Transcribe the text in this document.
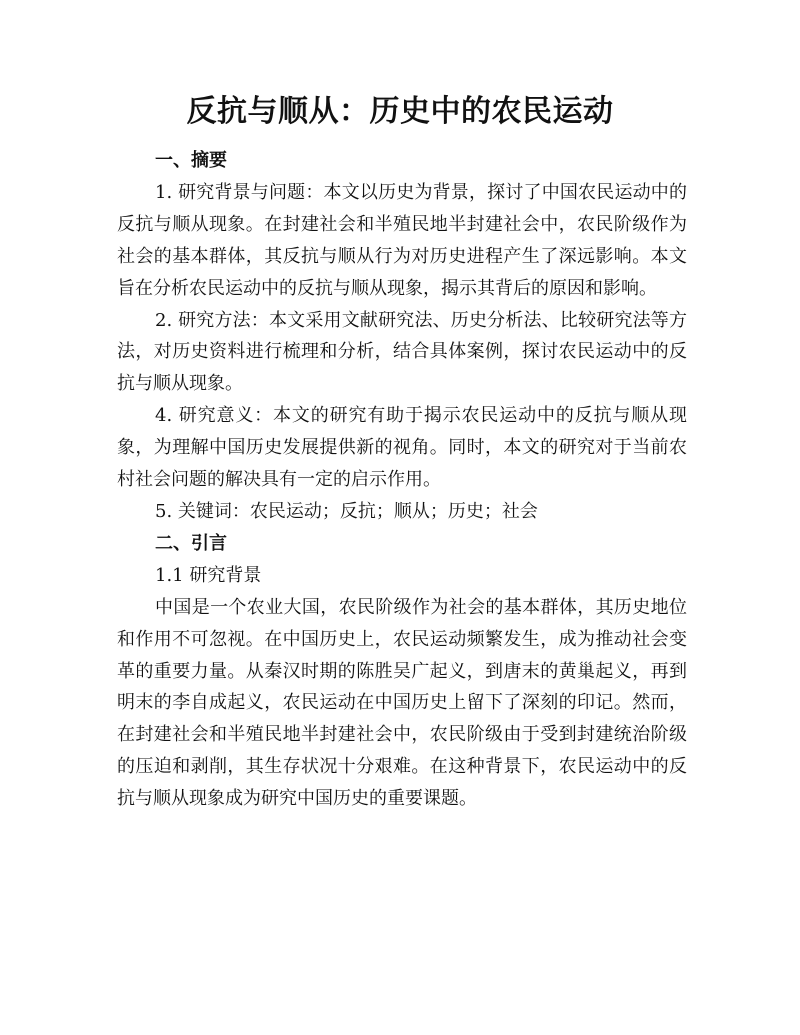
反抗与顺从：历史中的农民运动

一、摘要

1. 研究背景与问题：本文以历史为背景，探讨了中国农民运动中的反抗与顺从现象。在封建社会和半殖民地半封建社会中，农民阶级作为社会的基本群体，其反抗与顺从行为对历史进程产生了深远影响。本文旨在分析农民运动中的反抗与顺从现象，揭示其背后的原因和影响。

2. 研究方法：本文采用文献研究法、历史分析法、比较研究法等方法，对历史资料进行梳理和分析，结合具体案例，探讨农民运动中的反抗与顺从现象。

4. 研究意义：本文的研究有助于揭示农民运动中的反抗与顺从现象，为理解中国历史发展提供新的视角。同时，本文的研究对于当前农村社会问题的解决具有一定的启示作用。

5. 关键词：农民运动；反抗；顺从；历史；社会

二、引言

1.1 研究背景

中国是一个农业大国，农民阶级作为社会的基本群体，其历史地位和作用不可忽视。在中国历史上，农民运动频繁发生，成为推动社会变革的重要力量。从秦汉时期的陈胜吴广起义，到唐末的黄巢起义，再到明末的李自成起义，农民运动在中国历史上留下了深刻的印记。然而，在封建社会和半殖民地半封建社会中，农民阶级由于受到封建统治阶级的压迫和剥削，其生存状况十分艰难。在这种背景下，农民运动中的反抗与顺从现象成为研究中国历史的重要课题。
